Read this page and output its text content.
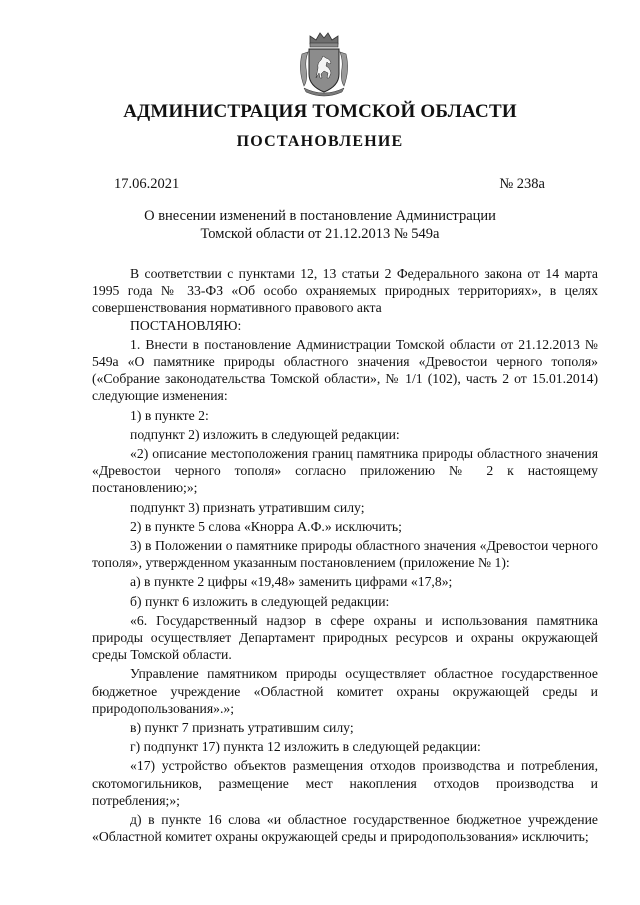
АДМИНИСТРАЦИЯ ТОМСКОЙ ОБЛАСТИ
ПОСТАНОВЛЕНИЕ
17.06.2021	№ 238а
О внесении изменений в постановление Администрации
Томской области от 21.12.2013 № 549а

В соответствии с пунктами 12, 13 статьи 2 Федерального закона от 14 марта 1995 года № 33-ФЗ «Об особо охраняемых природных территориях», в целях совершенствования нормативного правового акта

ПОСТАНОВЛЯЮ:

1. Внести в постановление Администрации Томской области от 21.12.2013 № 549а «О памятнике природы областного значения «Древостои черного тополя» («Собрание законодательства Томской области», № 1/1 (102), часть 2 от 15.01.2014) следующие изменения:

1) в пункте 2:

подпункт 2) изложить в следующей редакции:

«2) описание местоположения границ памятника природы областного значения «Древостои черного тополя» согласно приложению № 2 к настоящему постановлению;»;

подпункт 3) признать утратившим силу;

2) в пункте 5 слова «Кнорра А.Ф.» исключить;

3) в Положении о памятнике природы областного значения «Древостои черного тополя», утвержденном указанным постановлением (приложение № 1):

а) в пункте 2 цифры «19,48» заменить цифрами «17,8»;

б) пункт 6 изложить в следующей редакции:

«6. Государственный надзор в сфере охраны и использования памятника природы осуществляет Департамент природных ресурсов и охраны окружающей среды Томской области.

Управление памятником природы осуществляет областное государственное бюджетное учреждение «Областной комитет охраны окружающей среды и природопользования».»;

в) пункт 7 признать утратившим силу;

г) подпункт 17) пункта 12 изложить в следующей редакции:

«17) устройство объектов размещения отходов производства и потребления, скотомогильников, размещение мест накопления отходов производства и потребления;»;

д) в пункте 16 слова «и областное государственное бюджетное учреждение «Областной комитет охраны окружающей среды и природопользования» исключить;
